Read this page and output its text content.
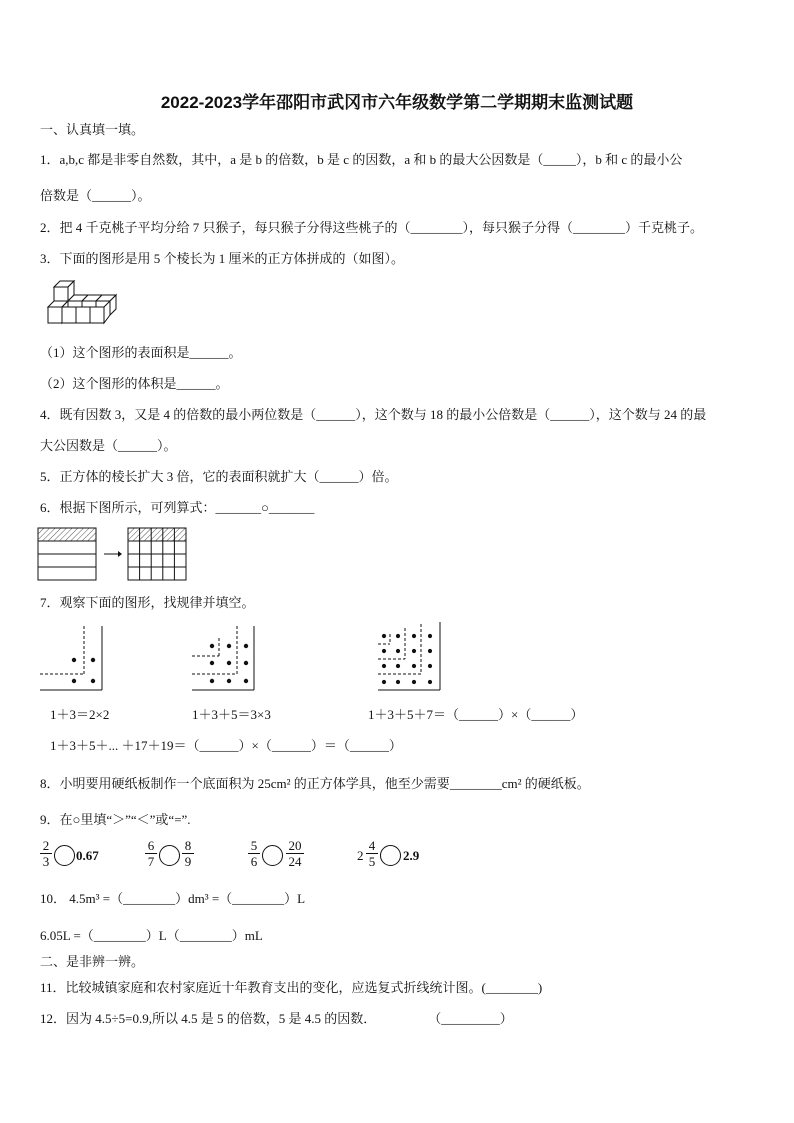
2022-2023学年邵阳市武冈市六年级数学第二学期期末监测试题
一、认真填一填。
1．a,b,c 都是非零自然数，其中，a 是 b 的倍数，b 是 c 的因数，a 和 b 的最大公因数是（_____），b 和 c 的最小公
倍数是（______）。
2．把 4 千克桃子平均分给 7 只猴子，每只猴子分得这些桃子的（________），每只猴子分得（________）千克桃子。
3．下面的图形是用 5 个棱长为 1 厘米的正方体拼成的（如图）。
（1）这个图形的表面积是______。
（2）这个图形的体积是______。
4．既有因数 3，又是 4 的倍数的最小两位数是（______），这个数与 18 的最小公倍数是（______），这个数与 24 的最
大公因数是（______）。
5．正方体的棱长扩大 3 倍，它的表面积就扩大（______）倍。
6．根据下图所示，可列算式：_______○_______
7．观察下面的图形，找规律并填空。
1＋3＝2×2	1＋3＋5＝3×3	1＋3＋5＋7＝（______）×（______）
1＋3＋5＋... ＋17＋19＝（______）×（______）＝（______）
8．小明要用硬纸板制作一个底面积为 25cm² 的正方体学具，他至少需要________cm² 的硬纸板。
9．在○里填“＞”“＜”或“=”.
$\frac{2}{3} 0.67$	$\frac{6}{7} \frac{8}{9}$	$\frac{5}{6} \frac{20}{24}$	$2 \frac{4}{5} 2.9$
10． 4.5m³ =（________）dm³ =（________）L
6.05L =（________）L（________）mL
二、是非辨一辨。
11．比较城镇家庭和农村家庭近十年教育支出的变化，应选复式折线统计图。(________)
12．因为 4.5÷5=0.9,所以 4.5 是 5 的倍数，5 是 4.5 的因数．　　　　　（_________）
